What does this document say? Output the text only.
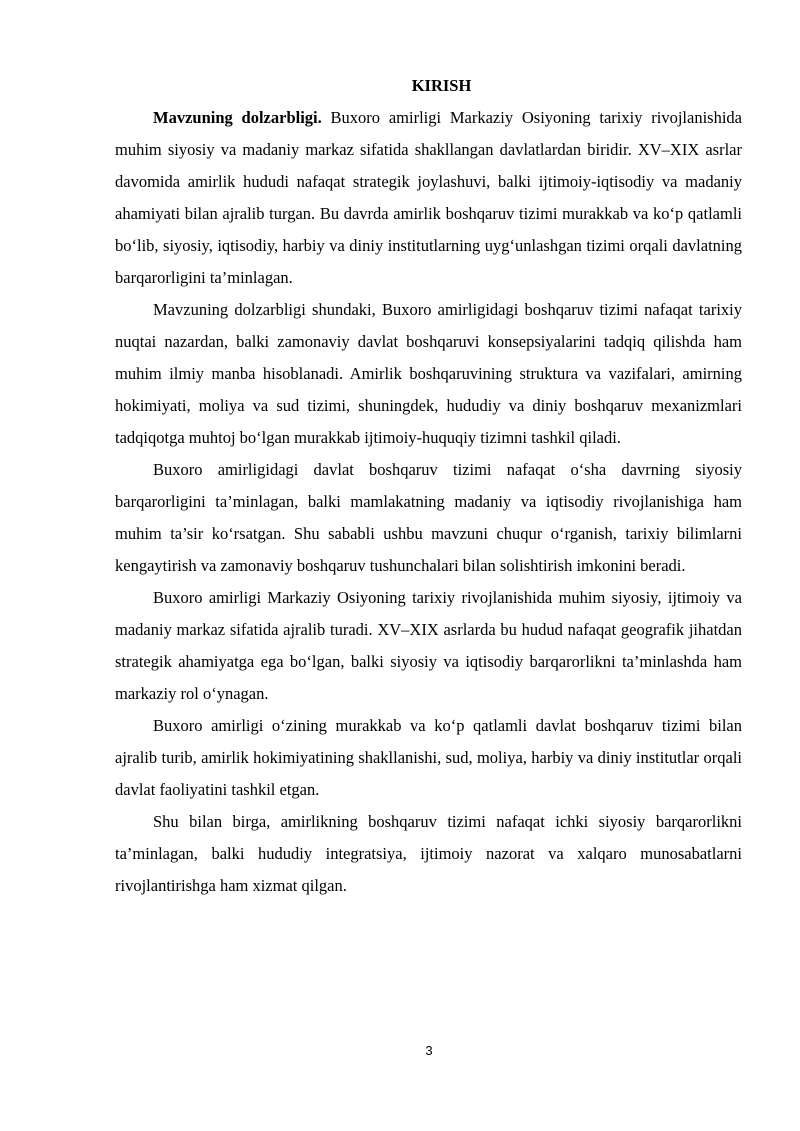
KIRISH

Mavzuning dolzarbligi. Buxoro amirligi Markaziy Osiyoning tarixiy rivojlanishida muhim siyosiy va madaniy markaz sifatida shakllangan davlatlardan biridir. XV–XIX asrlar davomida amirlik hududi nafaqat strategik joylashuvi, balki ijtimoiy-iqtisodiy va madaniy ahamiyati bilan ajralib turgan. Bu davrda amirlik boshqaruv tizimi murakkab va ko‘p qatlamli bo‘lib, siyosiy, iqtisodiy, harbiy va diniy institutlarning uyg‘unlashgan tizimi orqali davlatning barqarorligini ta’minlagan.

Mavzuning dolzarbligi shundaki, Buxoro amirligidagi boshqaruv tizimi nafaqat tarixiy nuqtai nazardan, balki zamonaviy davlat boshqaruvi konsepsiyalarini tadqiq qilishda ham muhim ilmiy manba hisoblanadi. Amirlik boshqaruvining struktura va vazifalari, amirning hokimiyati, moliya va sud tizimi, shuningdek, hududiy va diniy boshqaruv mexanizmlari tadqiqotga muhtoj bo‘lgan murakkab ijtimoiy-huquqiy tizimni tashkil qiladi.

Buxoro amirligidagi davlat boshqaruv tizimi nafaqat o‘sha davrning siyosiy barqarorligini ta’minlagan, balki mamlakatning madaniy va iqtisodiy rivojlanishiga ham muhim ta’sir ko‘rsatgan. Shu sababli ushbu mavzuni chuqur o‘rganish, tarixiy bilimlarni kengaytirish va zamonaviy boshqaruv tushunchalari bilan solishtirish imkonini beradi.

Buxoro amirligi Markaziy Osiyoning tarixiy rivojlanishida muhim siyosiy, ijtimoiy va madaniy markaz sifatida ajralib turadi. XV–XIX asrlarda bu hudud nafaqat geografik jihatdan strategik ahamiyatga ega bo‘lgan, balki siyosiy va iqtisodiy barqarorlikni ta’minlashda ham markaziy rol o‘ynagan.

Buxoro amirligi o‘zining murakkab va ko‘p qatlamli davlat boshqaruv tizimi bilan ajralib turib, amirlik hokimiyatining shakllanishi, sud, moliya, harbiy va diniy institutlar orqali davlat faoliyatini tashkil etgan.

Shu bilan birga, amirlikning boshqaruv tizimi nafaqat ichki siyosiy barqarorlikni ta’minlagan, balki hududiy integratsiya, ijtimoiy nazorat va xalqaro munosabatlarni rivojlantirishga ham xizmat qilgan.

3
